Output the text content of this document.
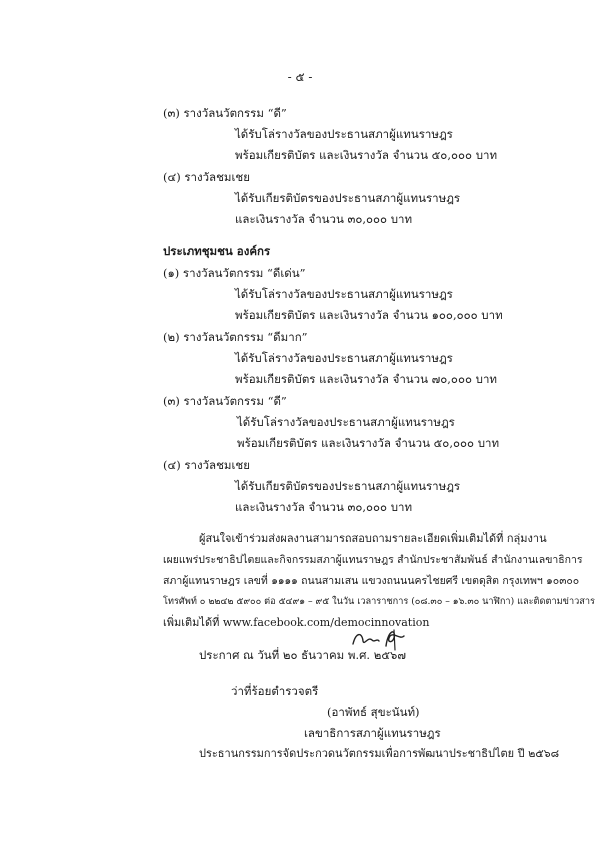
- ๕ -
(๓) รางวัลนวัตกรรม “ดี”
ได้รับโล่รางวัลของประธานสภาผู้แทนราษฎร
พร้อมเกียรติบัตร และเงินรางวัล จำนวน ๕๐,๐๐๐ บาท
(๔) รางวัลชมเชย
ได้รับเกียรติบัตรของประธานสภาผู้แทนราษฎร
และเงินรางวัล จำนวน ๓๐,๐๐๐ บาท
ประเภทชุมชน องค์กร
(๑) รางวัลนวัตกรรม “ดีเด่น”
ได้รับโล่รางวัลของประธานสภาผู้แทนราษฎร
พร้อมเกียรติบัตร และเงินรางวัล จำนวน ๑๐๐,๐๐๐ บาท
(๒) รางวัลนวัตกรรม “ดีมาก”
ได้รับโล่รางวัลของประธานสภาผู้แทนราษฎร
พร้อมเกียรติบัตร และเงินรางวัล จำนวน ๗๐,๐๐๐ บาท
(๓) รางวัลนวัตกรรม “ดี”
ได้รับโล่รางวัลของประธานสภาผู้แทนราษฎร
พร้อมเกียรติบัตร และเงินรางวัล จำนวน ๕๐,๐๐๐ บาท
(๔) รางวัลชมเชย
ได้รับเกียรติบัตรของประธานสภาผู้แทนราษฎร
และเงินรางวัล จำนวน ๓๐,๐๐๐ บาท
ผู้สนใจเข้าร่วมส่งผลงานสามารถสอบถามรายละเอียดเพิ่มเติมได้ที่ กลุ่มงาน
เผยแพร่ประชาธิปไตยและกิจกรรมสภาผู้แทนราษฎร สำนักประชาสัมพันธ์ สำนักงานเลขาธิการ
สภาผู้แทนราษฎร เลขที่ ๑๑๑๑ ถนนสามเสน แขวงถนนนครไชยศรี เขตดุสิต กรุงเทพฯ ๑๐๓๐๐
โทรศัพท์ ๐ ๒๒๔๒ ๕๙๐๐ ต่อ ๕๔๙๑ – ๙๕ ในวัน เวลาราชการ (๐๘.๓๐ – ๑๖.๓๐ นาฬิกา) และติดตามข่าวสาร
เพิ่มเติมได้ที่ www.facebook.com/democinnovation
ประกาศ ณ วันที่ ๒๐ ธันวาคม พ.ศ. ๒๕๖๗
ว่าที่ร้อยตำรวจตรี
(อาพัทธ์ สุขะนันท์)
เลขาธิการสภาผู้แทนราษฎร
ประธานกรรมการจัดประกวดนวัตกรรมเพื่อการพัฒนาประชาธิปไตย ปี ๒๕๖๘
